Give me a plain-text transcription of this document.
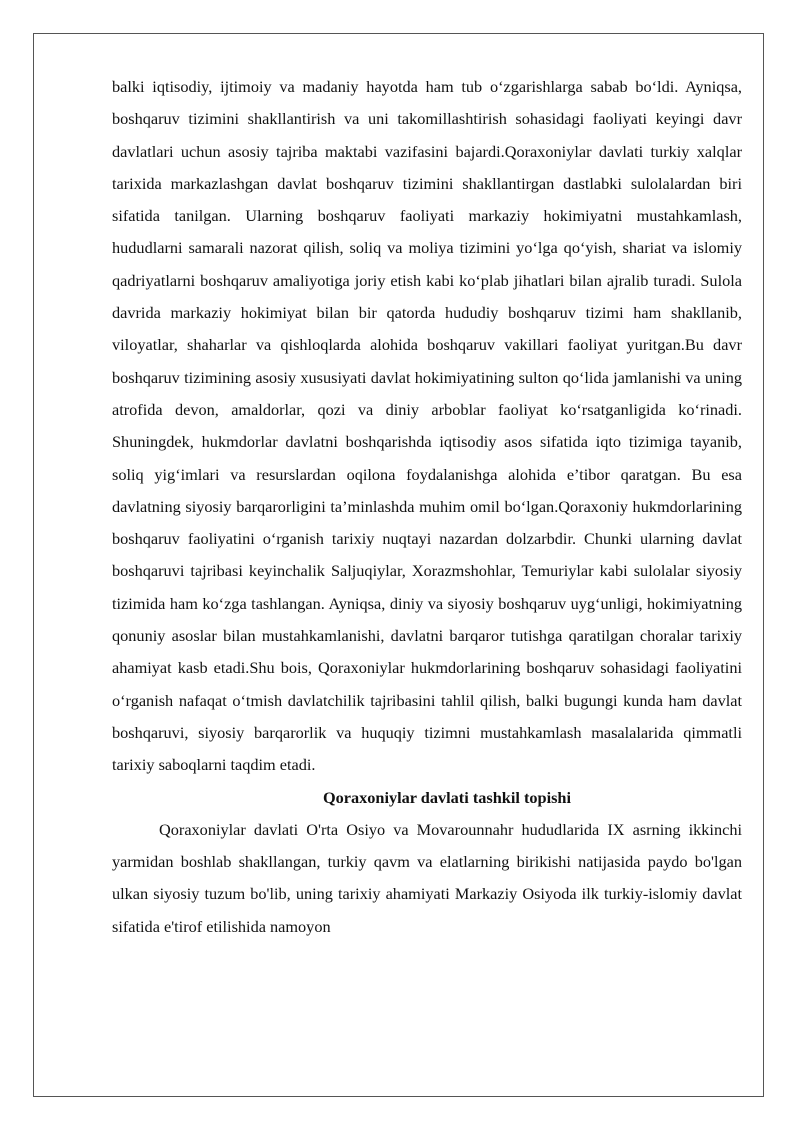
balki iqtisodiy, ijtimoiy va madaniy hayotda ham tub o‘zgarishlarga sabab bo‘ldi. Ayniqsa, boshqaruv tizimini shakllantirish va uni takomillashtirish sohasidagi faoliyati keyingi davr davlatlari uchun asosiy tajriba maktabi vazifasini bajardi.Qoraxoniylar davlati turkiy xalqlar tarixida markazlashgan davlat boshqaruv tizimini shakllantirgan dastlabki sulolalardan biri sifatida tanilgan. Ularning boshqaruv faoliyati markaziy hokimiyatni mustahkamlash, hududlarni samarali nazorat qilish, soliq va moliya tizimini yo‘lga qo‘yish, shariat va islomiy qadriyatlarni boshqaruv amaliyotiga joriy etish kabi ko‘plab jihatlari bilan ajralib turadi. Sulola davrida markaziy hokimiyat bilan bir qatorda hududiy boshqaruv tizimi ham shakllanib, viloyatlar, shaharlar va qishloqlarda alohida boshqaruv vakillari faoliyat yuritgan.Bu davr boshqaruv tizimining asosiy xususiyati davlat hokimiyatining sulton qo‘lida jamlanishi va uning atrofida devon, amaldorlar, qozi va diniy arboblar faoliyat ko‘rsatganligida ko‘rinadi. Shuningdek, hukmdorlar davlatni boshqarishda iqtisodiy asos sifatida iqto tizimiga tayanib, soliq yig‘imlari va resurslardan oqilona foydalanishga alohida e’tibor qaratgan. Bu esa davlatning siyosiy barqarorligini ta’minlashda muhim omil bo‘lgan.Qoraxoniy hukmdorlarining boshqaruv faoliyatini o‘rganish tarixiy nuqtayi nazardan dolzarbdir. Chunki ularning davlat boshqaruvi tajribasi keyinchalik Saljuqiylar, Xorazmshohlar, Temuriylar kabi sulolalar siyosiy tizimida ham ko‘zga tashlangan. Ayniqsa, diniy va siyosiy boshqaruv uyg‘unligi, hokimiyatning qonuniy asoslar bilan mustahkamlanishi, davlatni barqaror tutishga qaratilgan choralar tarixiy ahamiyat kasb etadi.Shu bois, Qoraxoniylar hukmdorlarining boshqaruv sohasidagi faoliyatini o‘rganish nafaqat o‘tmish davlatchilik tajribasini tahlil qilish, balki bugungi kunda ham davlat boshqaruvi, siyosiy barqarorlik va huquqiy tizimni mustahkamlash masalalarida qimmatli tarixiy saboqlarni taqdim etadi.

Qoraxoniylar davlati tashkil topishi

Qoraxoniylar davlati O'rta Osiyo va Movarounnahr hududlarida IX asrning ikkinchi yarmidan boshlab shakllangan, turkiy qavm va elatlarning birikishi natijasida paydo bo'lgan ulkan siyosiy tuzum bo'lib, uning tarixiy ahamiyati Markaziy Osiyoda ilk turkiy-islomiy davlat sifatida e'tirof etilishida namoyon
